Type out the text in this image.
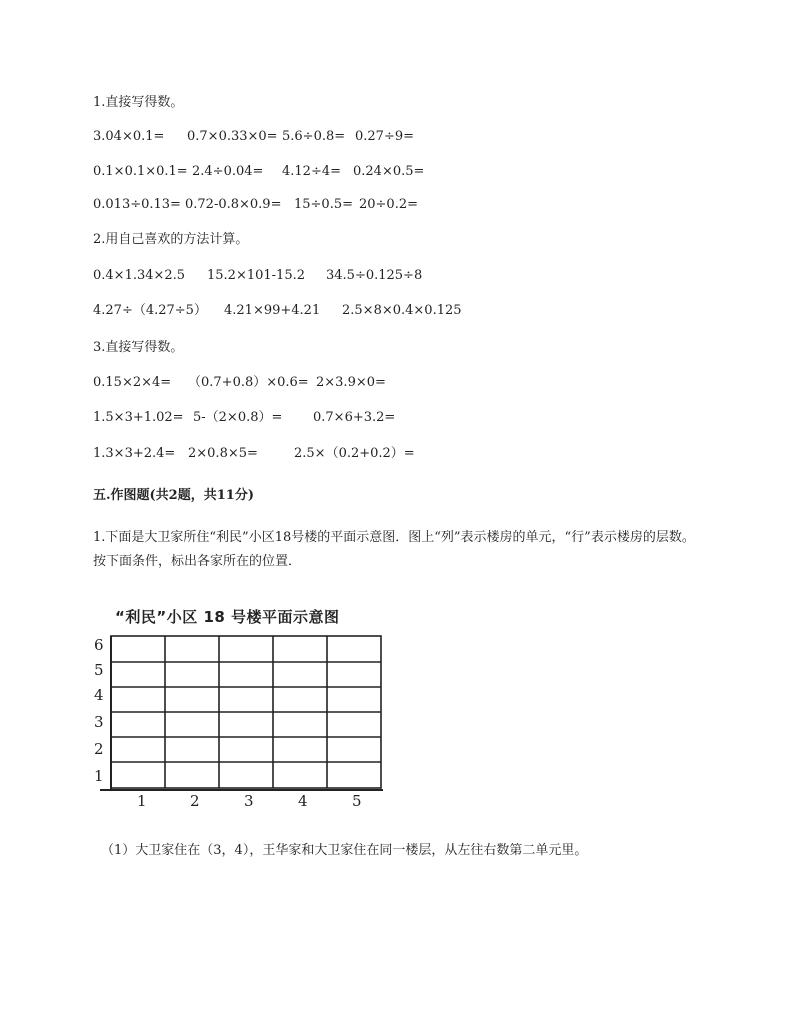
1.直接写得数。

3.04×0.1=

0.7×0.33×0=

5.6÷0.8=

0.27÷9=

0.1×0.1×0.1=

2.4÷0.04=

4.12÷4=

0.24×0.5=

0.013÷0.13=

0.72-0.8×0.9=

15÷0.5=

20÷0.2=

2.用自己喜欢的方法计算。

0.4×1.34×2.5

15.2×101-15.2

34.5÷0.125÷8

4.27÷（4.27÷5）

4.21×99+4.21

2.5×8×0.4×0.125

3.直接写得数。

0.15×2×4=

（0.7+0.8）×0.6=

2×3.9×0=

1.5×3+1.02=

5-（2×0.8）=

0.7×6+3.2=

1.3×3+2.4=

2×0.8×5=

	2.5×（0.2+0.2）=

五.作图题(共2题，共11分)
1.下面是大卫家所住“利民”小区18号楼的平面示意图．图上“列”表示楼房的单元，“行”表示楼房的层数。按下面条件，标出各家所在的位置．
“利民”小区 18 号楼平面示意图
6
5
4
3
2
1
1	2	3	4	5
（1）大卫家住在（3，4），王华家和大卫家住在同一楼层，从左往右数第二单元里。
